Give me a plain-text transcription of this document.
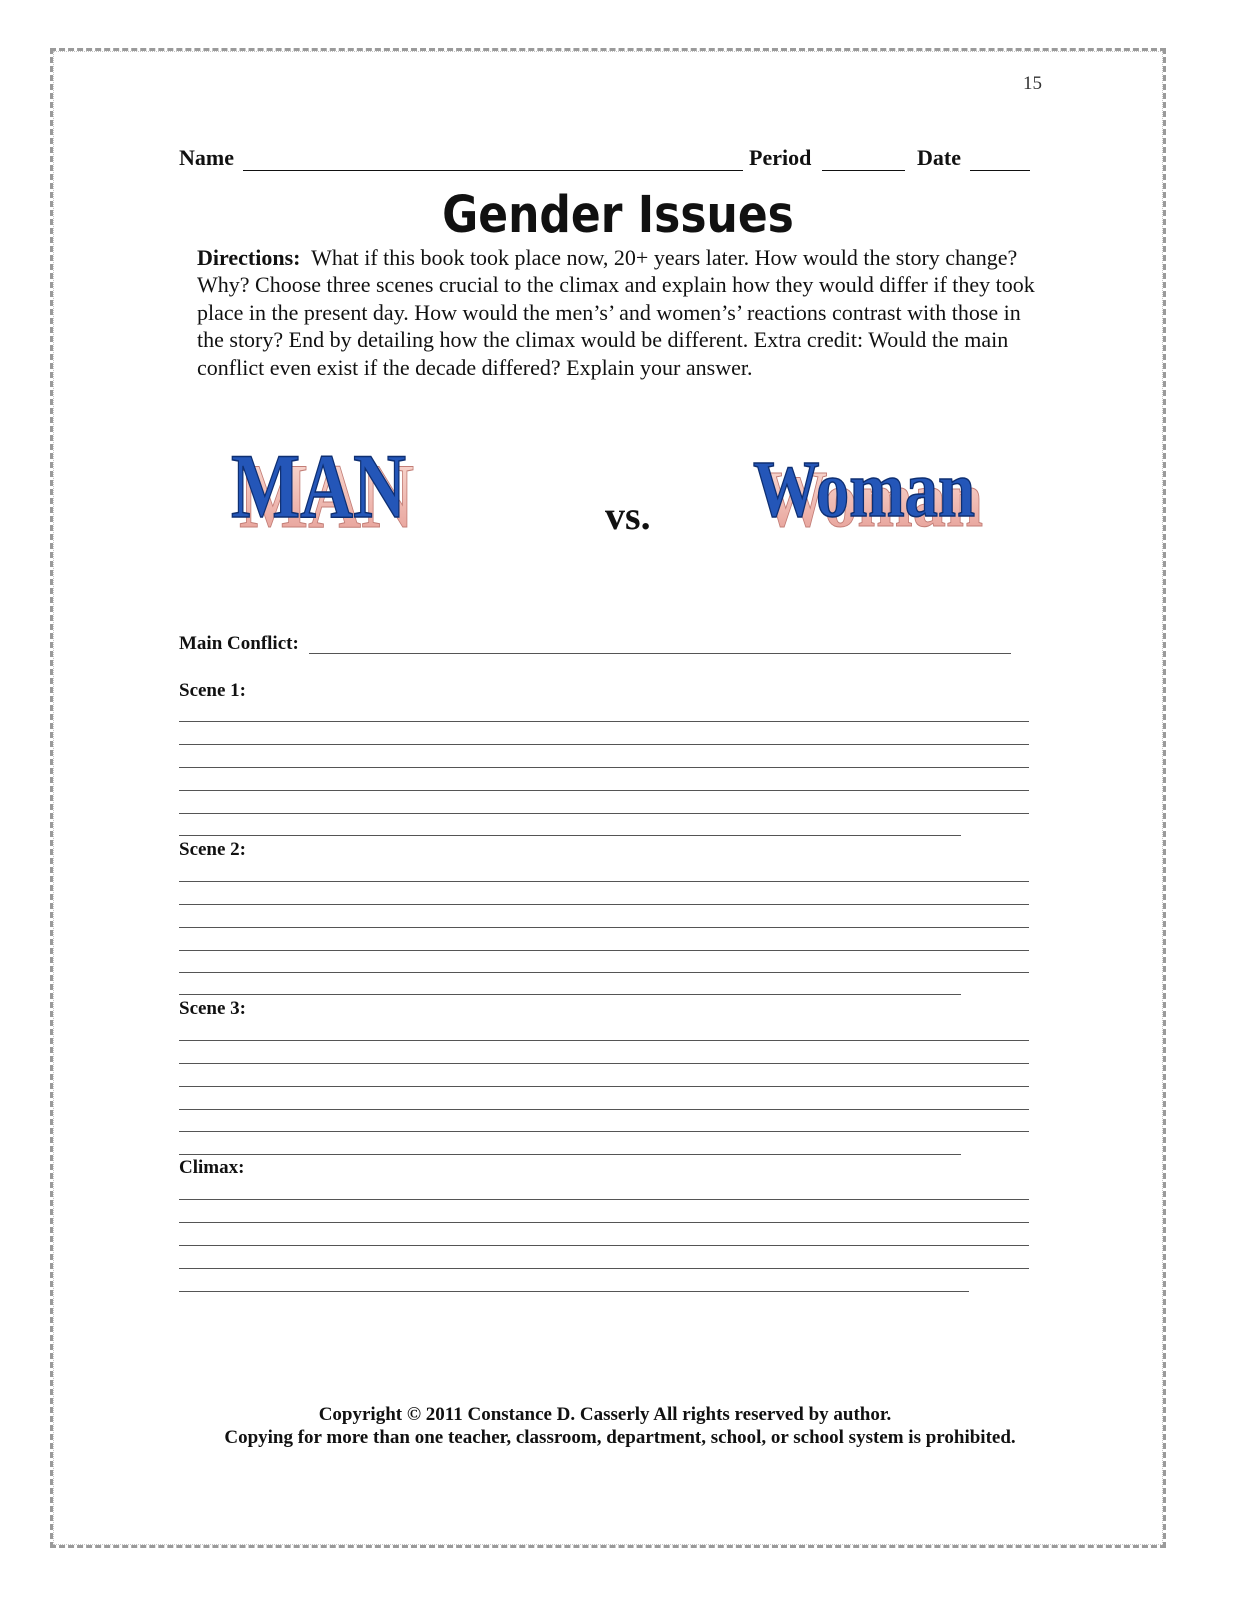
15
Name	Period	Date
Gender Issues
Directions: What if this book took place now, 20+ years later. How would the story change? Why? Choose three scenes crucial to the climax and explain how they would differ if they took place in the present day. How would the men’s’ and women’s’ reactions contrast with those in the story? End by detailing how the climax would be different. Extra credit: Would the main conflict even exist if the decade differed? Explain your answer.
MAN
MAN	vs. Woman
Woman
Main Conflict:
Scene 1:
Scene 2:
Scene 3:
Climax:
Copyright © 2011 Constance D. Casserly All rights reserved by author.
Copying for more than one teacher, classroom, department, school, or school system is prohibited.
